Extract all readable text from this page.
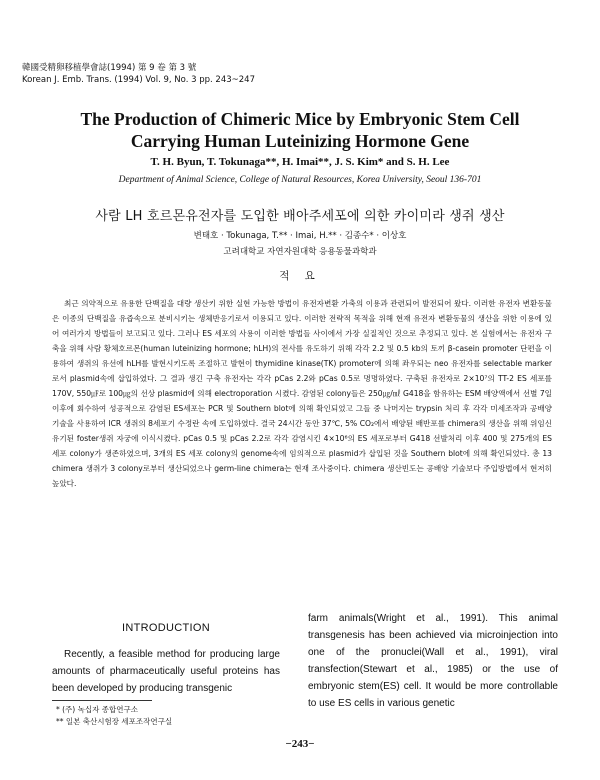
韓國受精卵移植學會誌(1994) 第 9 卷 第 3 號
Korean J. Emb. Trans. (1994) Vol. 9, No. 3 pp. 243~247
The Production of Chimeric Mice by Embryonic Stem Cell
Carrying Human Luteinizing Hormone Gene
T. H. Byun, T. Tokunaga**, H. Imai**, J. S. Kim* and S. H. Lee
Department of Animal Science, College of Natural Resources, Korea University, Seoul 136-701
사람 LH 호르몬유전자를 도입한 배아주세포에 의한 카이미라 생쥐 생산
변태호 · Tokunaga, T.** · Imai, H.** · 김종수* · 이상호
고려대학교 자연자원대학 응용동물과학과
적 요

최근 의약적으로 유용한 단백질을 대량 생산키 위한 실현 가능한 방법이 유전자변환 가축의 이용과 관련되어 발전되어 왔다. 이러한 유전자 변환동물은 이종의 단백질을 유즙속으로 분비시키는 생체반응기로서 이용되고 있다. 이러한 전략적 목적을 위해 현재 유전자 변환동물의 생산을 위한 이용에 있어 여러가지 방법들이 보고되고 있다. 그러나 ES 세포의 사용이 이러한 방법들 사이에서 가장 실질적인 것으로 추정되고 있다. 본 실험에서는 유전자 구축을 위해 사람 황체호르몬(human luteinizing hormone; hLH)의 전사를 유도하기 위해 각각 2.2 및 0.5 kb의 토끼 β-casein promoter 단편을 이용하여 생쥐의 유선에 hLH를 발현시키도록 조절하고 발현이 thymidine kinase(TK) promoter에 의해 좌우되는 neo 유전자를 selectable marker로서 plasmid속에 삽입하였다. 그 결과 생긴 구축 유전자는 각각 pCas 2.2와 pCas 0.5로 명명하였다. 구축된 유전자로 2×10⁷의 TT-2 ES 세포를 170V, 550㎌로 100㎍의 선상 plasmid에 의해 electroporation 시켰다. 감염된 colony들은 250㎍/㎖ G418을 함유하는 ESM 배양액에서 선별 7일 이후에 회수하여 성공적으로 감염된 ES세포는 PCR 및 Southern blot에 의해 확인되었고 그들 중 나머지는 trypsin 처리 후 각각 미세조작과 공배양 기술을 사용하여 ICR 생쥐의 8세포기 수정란 속에 도입하였다. 결국 24시간 동안 37℃, 5% CO₂에서 배양된 배반포를 chimera의 생산을 위해 위임신 유기된 foster생쥐 자궁에 이식시켰다. pCas 0.5 및 pCas 2.2로 각각 감염시킨 4×10⁶의 ES 세포로부터 G418 선발처리 이후 400 및 275개의 ES 세포 colony가 생존하였으며, 3개의 ES 세포 colony의 genome속에 임의적으로 plasmid가 삽입된 것을 Southern blot에 의해 확인되었다. 총 13 chimera 생쥐가 3 colony로부터 생산되었으나 germ-line chimera는 현재 조사중이다. chimera 생산빈도는 공배양 기술보다 주입방법에서 현저히 높았다.

INTRODUCTION

Recently, a feasible method for producing large amounts of pharmaceutically useful proteins has been developed by producing transgenic

farm animals(Wright et al., 1991). This animal transgenesis has been achieved via microinjection into one of the pronuclei(Wall et al., 1991), viral transfection(Stewart et al., 1985) or the use of embryonic stem(ES) cell. It would be more controllable to use ES cells in various genetic

* (주) 녹십자 종합연구소
** 일본 축산시험장 세포조작연구실
−243−
